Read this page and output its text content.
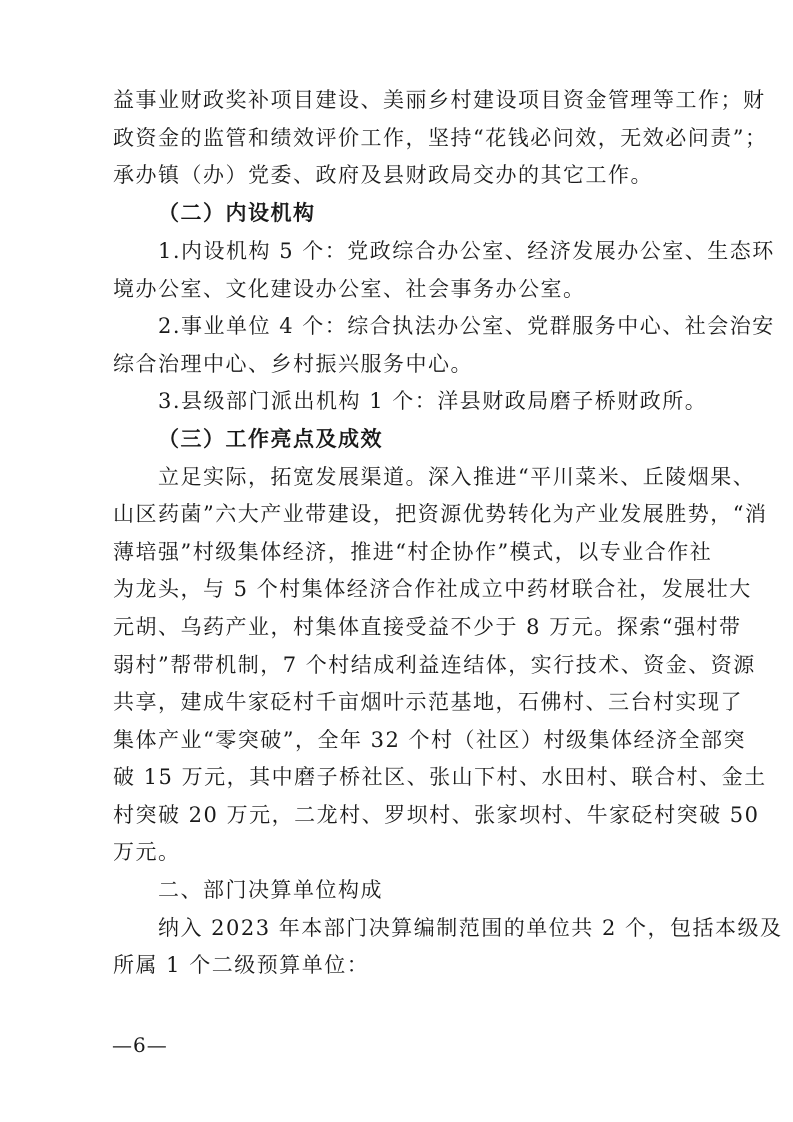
益事业财政奖补项目建设、美丽乡村建设项目资金管理等工作；财
政资金的监管和绩效评价工作，坚持“花钱必问效，无效必问责”；
承办镇（办）党委、政府及县财政局交办的其它工作。
（二）内设机构
1.内设机构 5 个：党政综合办公室、经济发展办公室、生态环
境办公室、文化建设办公室、社会事务办公室。
2.事业单位 4 个：综合执法办公室、党群服务中心、社会治安
综合治理中心、乡村振兴服务中心。
3.县级部门派出机构 1 个：洋县财政局磨子桥财政所。
（三）工作亮点及成效
立足实际，拓宽发展渠道。深入推进“平川菜米、丘陵烟果、
山区药菌”六大产业带建设，把资源优势转化为产业发展胜势，“消
薄培强”村级集体经济，推进“村企协作”模式，以专业合作社
为龙头，与 5 个村集体经济合作社成立中药材联合社，发展壮大
元胡、乌药产业，村集体直接受益不少于 8 万元。探索“强村带
弱村”帮带机制，7 个村结成利益连结体，实行技术、资金、资源
共享，建成牛家砭村千亩烟叶示范基地，石佛村、三台村实现了
集体产业“零突破”，全年 32 个村（社区）村级集体经济全部突
破 15 万元，其中磨子桥社区、张山下村、水田村、联合村、金土
村突破 20 万元，二龙村、罗坝村、张家坝村、牛家砭村突破 50
万元。
二、部门决算单位构成
纳入 2023 年本部门决算编制范围的单位共 2 个，包括本级及
所属 1 个二级预算单位：
—6—
